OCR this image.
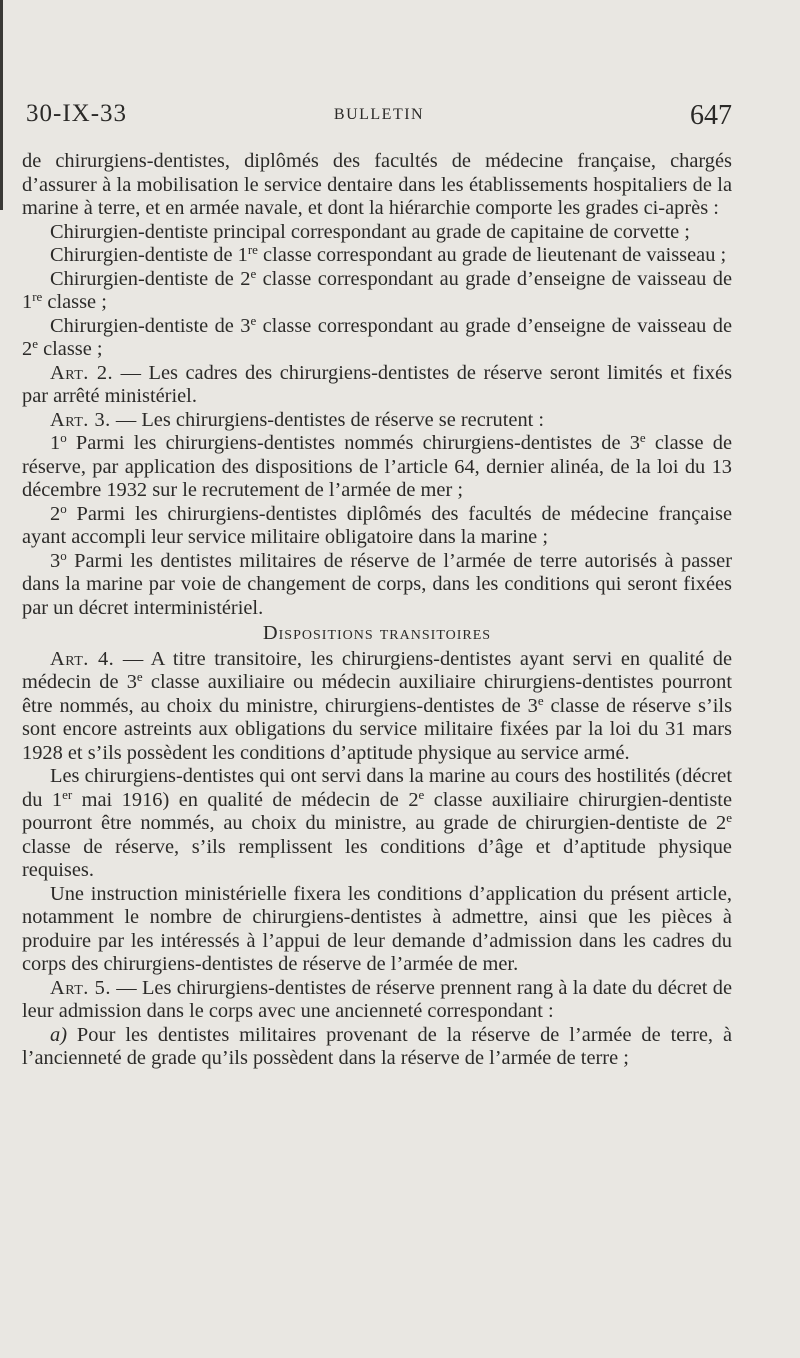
30-IX-33	BULLETIN	647

de chirurgiens-dentistes, diplômés des facultés de médecine française, chargés d’assurer à la mobilisation le service dentaire dans les établissements hospitaliers de la marine à terre, et en armée navale, et dont la hiérarchie comporte les grades ci-après :

Chirurgien-dentiste principal correspondant au grade de capitaine de corvette ;

Chirurgien-dentiste de 1re classe correspondant au grade de lieutenant de vaisseau ;

Chirurgien-dentiste de 2e classe correspondant au grade d’enseigne de vaisseau de 1re classe ;

Chirurgien-dentiste de 3e classe correspondant au grade d’enseigne de vaisseau de 2e classe ;

Art. 2. — Les cadres des chirurgiens-dentistes de réserve seront limités et fixés par arrêté ministériel.

Art. 3. — Les chirurgiens-dentistes de réserve se recrutent :

1$^o$ Parmi les chirurgiens-dentistes nommés chirurgiens-dentistes de 3e classe de réserve, par application des dispositions de l’article 64, dernier alinéa, de la loi du 13 décembre 1932 sur le recrutement de l’armée de mer ;

2$^o$ Parmi les chirurgiens-dentistes diplômés des facultés de médecine française ayant accompli leur service militaire obligatoire dans la marine ;

3$^o$ Parmi les dentistes militaires de réserve de l’armée de terre autorisés à passer dans la marine par voie de changement de corps, dans les conditions qui seront fixées par un décret interministériel.

Dispositions transitoires

Art. 4. — A titre transitoire, les chirurgiens-dentistes ayant servi en qualité de médecin de 3e classe auxiliaire ou médecin auxiliaire chirurgiens-dentistes pourront être nommés, au choix du ministre, chirurgiens-dentistes de 3e classe de réserve s’ils sont encore astreints aux obligations du service militaire fixées par la loi du 31 mars 1928 et s’ils possèdent les conditions d’aptitude physique au service armé.

Les chirurgiens-dentistes qui ont servi dans la marine au cours des hostilités (décret du 1er mai 1916) en qualité de médecin de 2e classe auxiliaire chirurgien-dentiste pourront être nommés, au choix du ministre, au grade de chirurgien-dentiste de 2e classe de réserve, s’ils remplissent les conditions d’âge et d’aptitude physique requises.

Une instruction ministérielle fixera les conditions d’application du présent article, notamment le nombre de chirurgiens-dentistes à admettre, ainsi que les pièces à produire par les intéressés à l’appui de leur demande d’admission dans les cadres du corps des chirurgiens-dentistes de réserve de l’armée de mer.

Art. 5. — Les chirurgiens-dentistes de réserve prennent rang à la date du décret de leur admission dans le corps avec une ancienneté correspondant :

a) Pour les dentistes militaires provenant de la réserve de l’armée de terre, à l’ancienneté de grade qu’ils possèdent dans la réserve de l’armée de terre ;
